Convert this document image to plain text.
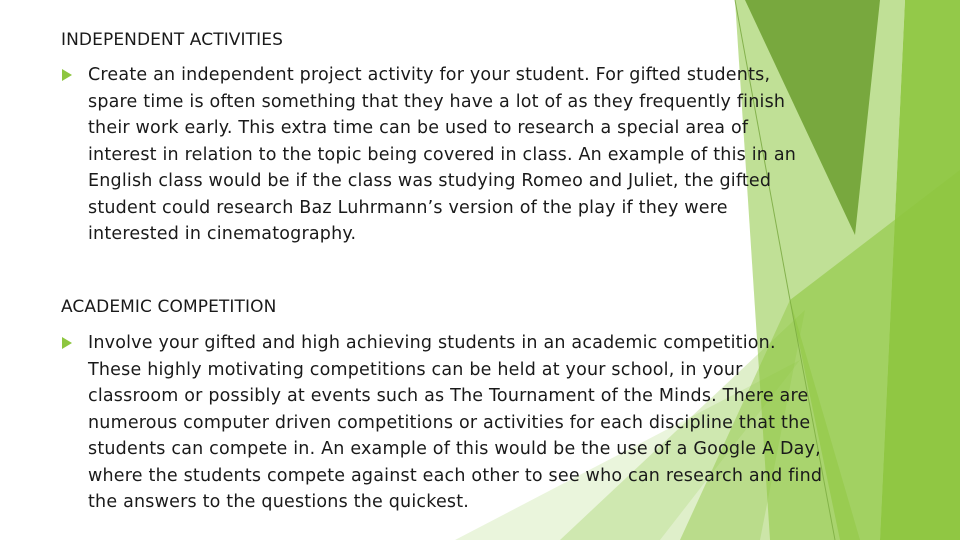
INDEPENDENT ACTIVITIES
Create an independent project activity for your student. For gifted students,
spare time is often something that they have a lot of as they frequently finish
their work early. This extra time can be used to research a special area of
interest in relation to the topic being covered in class. An example of this in an
English class would be if the class was studying Romeo and Juliet, the gifted
student could research Baz Luhrmann’s version of the play if they were
interested in cinematography.
ACADEMIC COMPETITION
Involve your gifted and high achieving students in an academic competition.
These highly motivating competitions can be held at your school, in your
classroom or possibly at events such as The Tournament of the Minds. There are
numerous computer driven competitions or activities for each discipline that the
students can compete in. An example of this would be the use of a Google A Day,
where the students compete against each other to see who can research and find
the answers to the questions the quickest.
